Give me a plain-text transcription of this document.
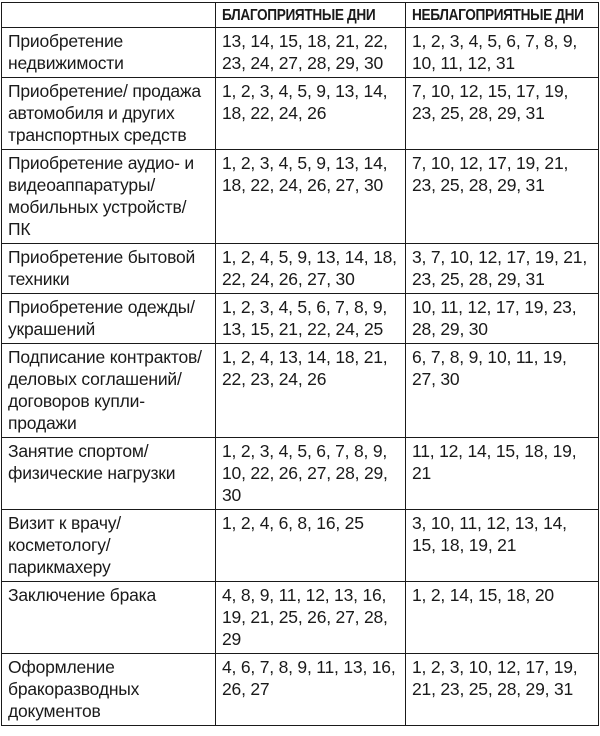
	БЛАГОПРИЯТНЫЕ ДНИ	НЕБЛАГОПРИЯТНЫЕ ДНИ
Приобретение недвижимости	13, 14, 15, 18, 21, 22, 23, 24, 27, 28, 29, 30	1, 2, 3, 4, 5, 6, 7, 8, 9, 10, 11, 12, 31
Приобретение/ продажа автомобиля и других транспортных средств	1, 2, 3, 4, 5, 9, 13, 14, 18, 22, 24, 26	7, 10, 12, 15, 17, 19, 23, 25, 28, 29, 31
Приобретение аудио- и видеоаппаратуры/ мобильных устройств/ ПК	1, 2, 3, 4, 5, 9, 13, 14, 18, 22, 24, 26, 27, 30	7, 10, 12, 17, 19, 21, 23, 25, 28, 29, 31
Приобретение бытовой техники	1, 2, 4, 5, 9, 13, 14, 18, 22, 24, 26, 27, 30	3, 7, 10, 12, 17, 19, 21, 23, 25, 28, 29, 31
Приобретение одежды/украшений	1, 2, 3, 4, 5, 6, 7, 8, 9, 13, 15, 21, 22, 24, 25	10, 11, 12, 17, 19, 23, 28, 29, 30
Подписание контрактов/деловых соглашений/договоров купли-продажи	1, 2, 4, 13, 14, 18, 21, 22, 23, 24, 26	6, 7, 8, 9, 10, 11, 19, 27, 30
Занятие спортом/ физические нагрузки	1, 2, 3, 4, 5, 6, 7, 8, 9, 10, 22, 26, 27, 28, 29, 30	11, 12, 14, 15, 18, 19, 21
Визит к врачу/ косметологу/ парикмахеру	1, 2, 4, 6, 8, 16, 25	3, 10, 11, 12, 13, 14, 15, 18, 19, 21
Заключение брака	4, 8, 9, 11, 12, 13, 16, 19, 21, 25, 26, 27, 28, 29	1, 2, 14, 15, 18, 20
Оформление бракоразводных документов	4, 6, 7, 8, 9, 11, 13, 16, 26, 27	1, 2, 3, 10, 12, 17, 19, 21, 23, 25, 28, 29, 31
